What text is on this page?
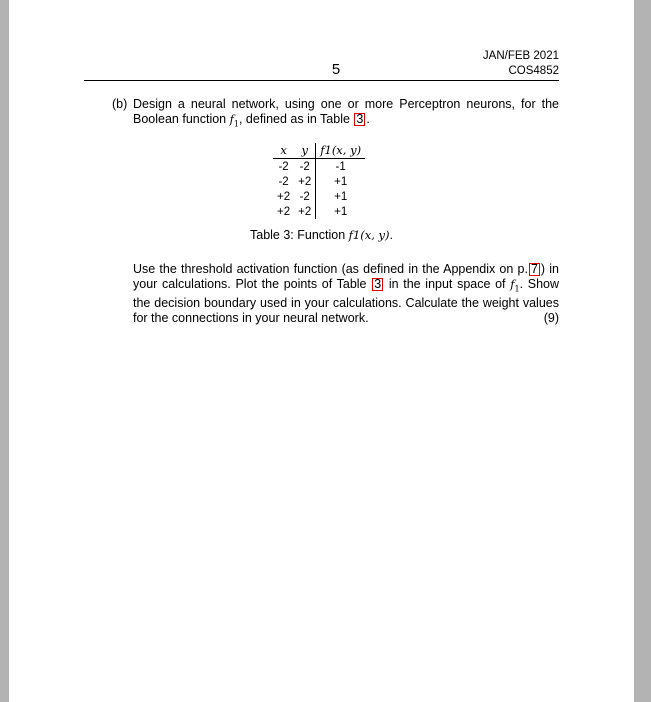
5
JAN/FEB 2021
COS4852
(b) Design a neural network, using one or more Perceptron neurons, for the Boolean function $f_1$, defined as in Table 3 .
x	y	f1(x, y)
-2	-2	-1
-2	+2	+1
+2	-2	+1
+2	+2	+1
Table 3: Function f1(x, y).
Use the threshold activation function (as defined in the Appendix on p. 7 ) in your calculations. Plot the points of Table 3 in the input space of $f_1$. Show the decision boundary used in your calculations. Calculate the weight values for the connections in your neural network.	(9)
